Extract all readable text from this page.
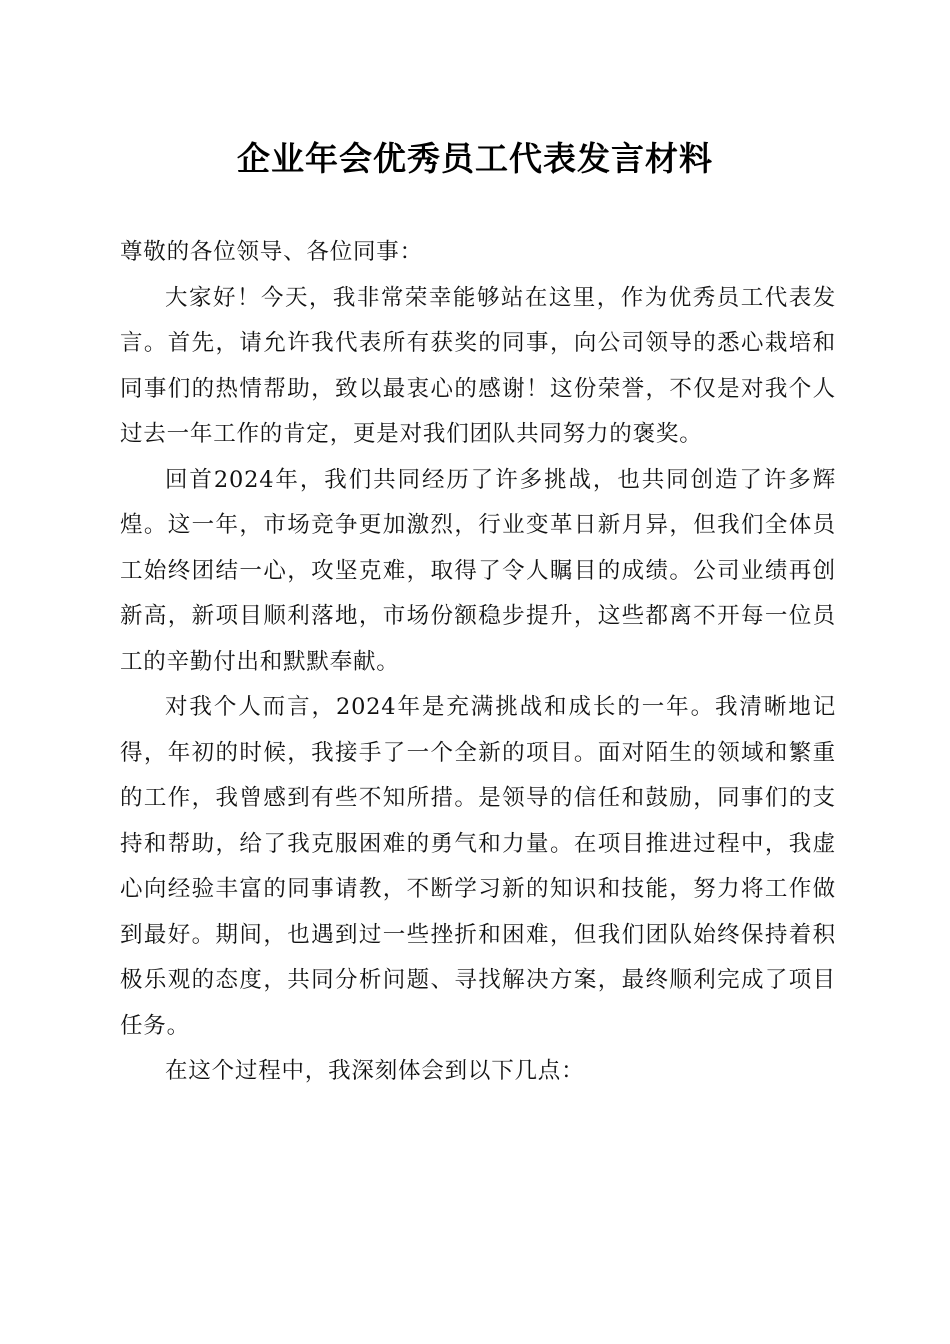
企业年会优秀员工代表发言材料

尊敬的各位领导、各位同事：

大家好！今天，我非常荣幸能够站在这里，作为优秀员工代表发言。首先，请允许我代表所有获奖的同事，向公司领导的悉心栽培和同事们的热情帮助，致以最衷心的感谢！这份荣誉，不仅是对我个人过去一年工作的肯定，更是对我们团队共同努力的褒奖。

回首2024年，我们共同经历了许多挑战，也共同创造了许多辉煌。这一年，市场竞争更加激烈，行业变革日新月异，但我们全体员工始终团结一心，攻坚克难，取得了令人瞩目的成绩。公司业绩再创新高，新项目顺利落地，市场份额稳步提升，这些都离不开每一位员工的辛勤付出和默默奉献。

对我个人而言，2024年是充满挑战和成长的一年。我清晰地记得，年初的时候，我接手了一个全新的项目。面对陌生的领域和繁重的工作，我曾感到有些不知所措。是领导的信任和鼓励，同事们的支持和帮助，给了我克服困难的勇气和力量。在项目推进过程中，我虚心向经验丰富的同事请教，不断学习新的知识和技能，努力将工作做到最好。期间，也遇到过一些挫折和困难，但我们团队始终保持着积极乐观的态度，共同分析问题、寻找解决方案，最终顺利完成了项目任务。

在这个过程中，我深刻体会到以下几点：
